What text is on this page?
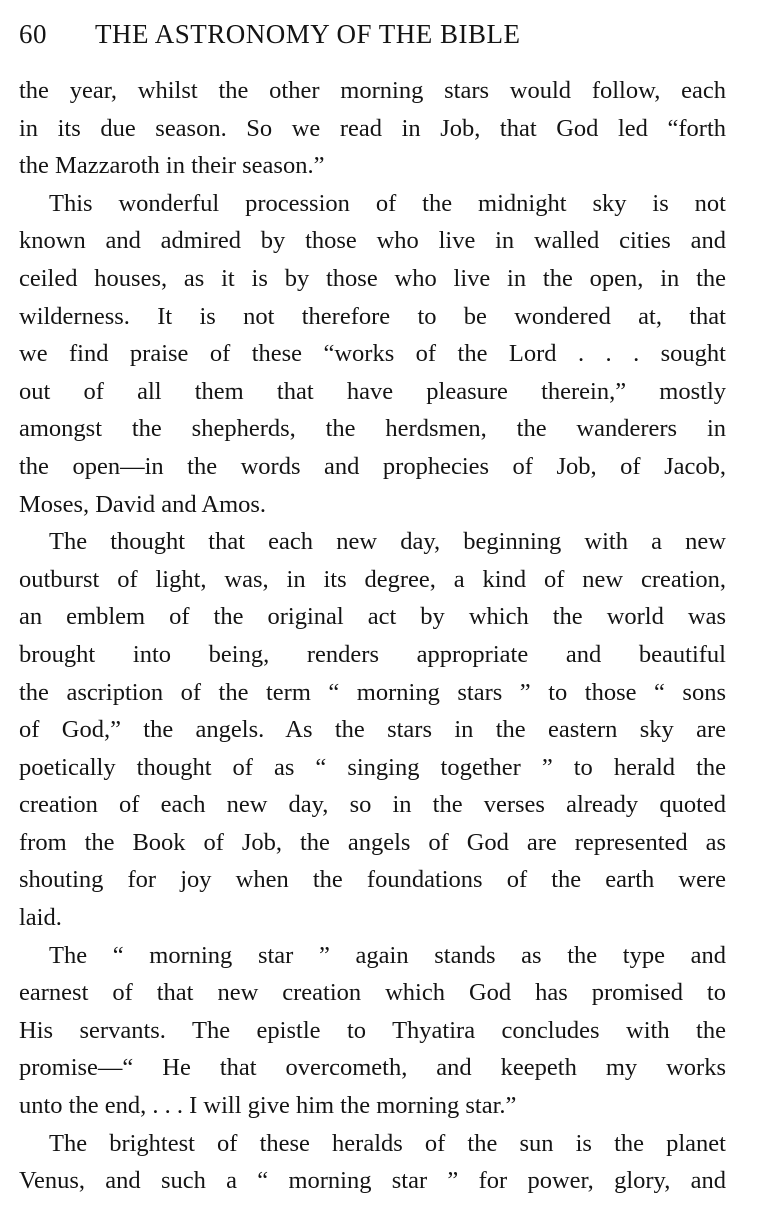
60 THE ASTRONOMY OF THE BIBLE
the year, whilst the other morning stars would follow, each
in its due season. So we read in Job, that God led “forth
the Mazzaroth in their season.”
This wonderful procession of the midnight sky is not
known and admired by those who live in walled cities and
ceiled houses, as it is by those who live in the open, in the
wilderness. It is not therefore to be wondered at, that
we find praise of these “works of the Lord . . . sought
out of all them that have pleasure therein,” mostly
amongst the shepherds, the herdsmen, the wanderers in
the open—in the words and prophecies of Job, of Jacob,
Moses, David and Amos.
The thought that each new day, beginning with a new
outburst of light, was, in its degree, a kind of new creation,
an emblem of the original act by which the world was
brought into being, renders appropriate and beautiful
the ascription of the term “ morning stars ” to those “ sons
of God,” the angels. As the stars in the eastern sky are
poetically thought of as “ singing together ” to herald the
creation of each new day, so in the verses already quoted
from the Book of Job, the angels of God are represented as
shouting for joy when the foundations of the earth were
laid.
The “ morning star ” again stands as the type and
earnest of that new creation which God has promised to
His servants. The epistle to Thyatira concludes with the
promise—“ He that overcometh, and keepeth my works
unto the end, . . . I will give him the morning star.”
The brightest of these heralds of the sun is the planet
Venus, and such a “ morning star ” for power, glory, and
